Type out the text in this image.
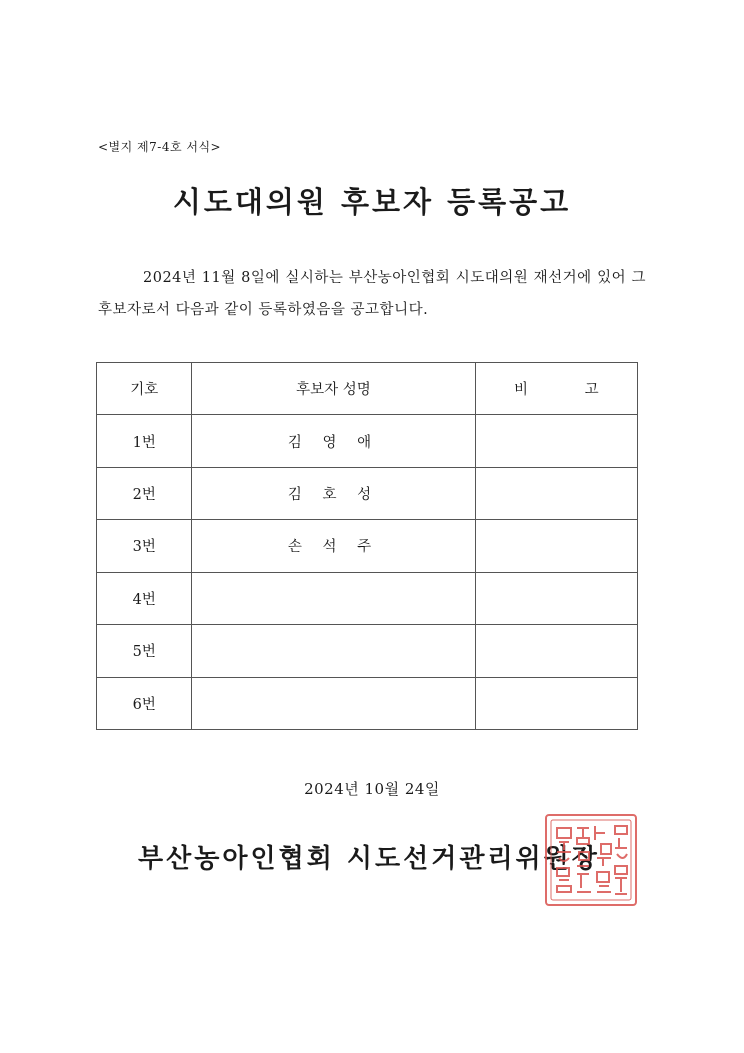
<별지 제7-4호 서식>
시도대의원 후보자 등록공고
2024년 11월 8일에 실시하는 부산농아인협회 시도대의원 재선거에 있어 그 후보자로서 다음과 같이 등록하였음을 공고합니다.
기호	후보자 성명	비 고
1번	김 영 애	
2번	김 호 성	
3번	손 석 주	
4번		
5번		
6번		
2024년 10월 24일
부산농아인협회 시도선거관리위원장
